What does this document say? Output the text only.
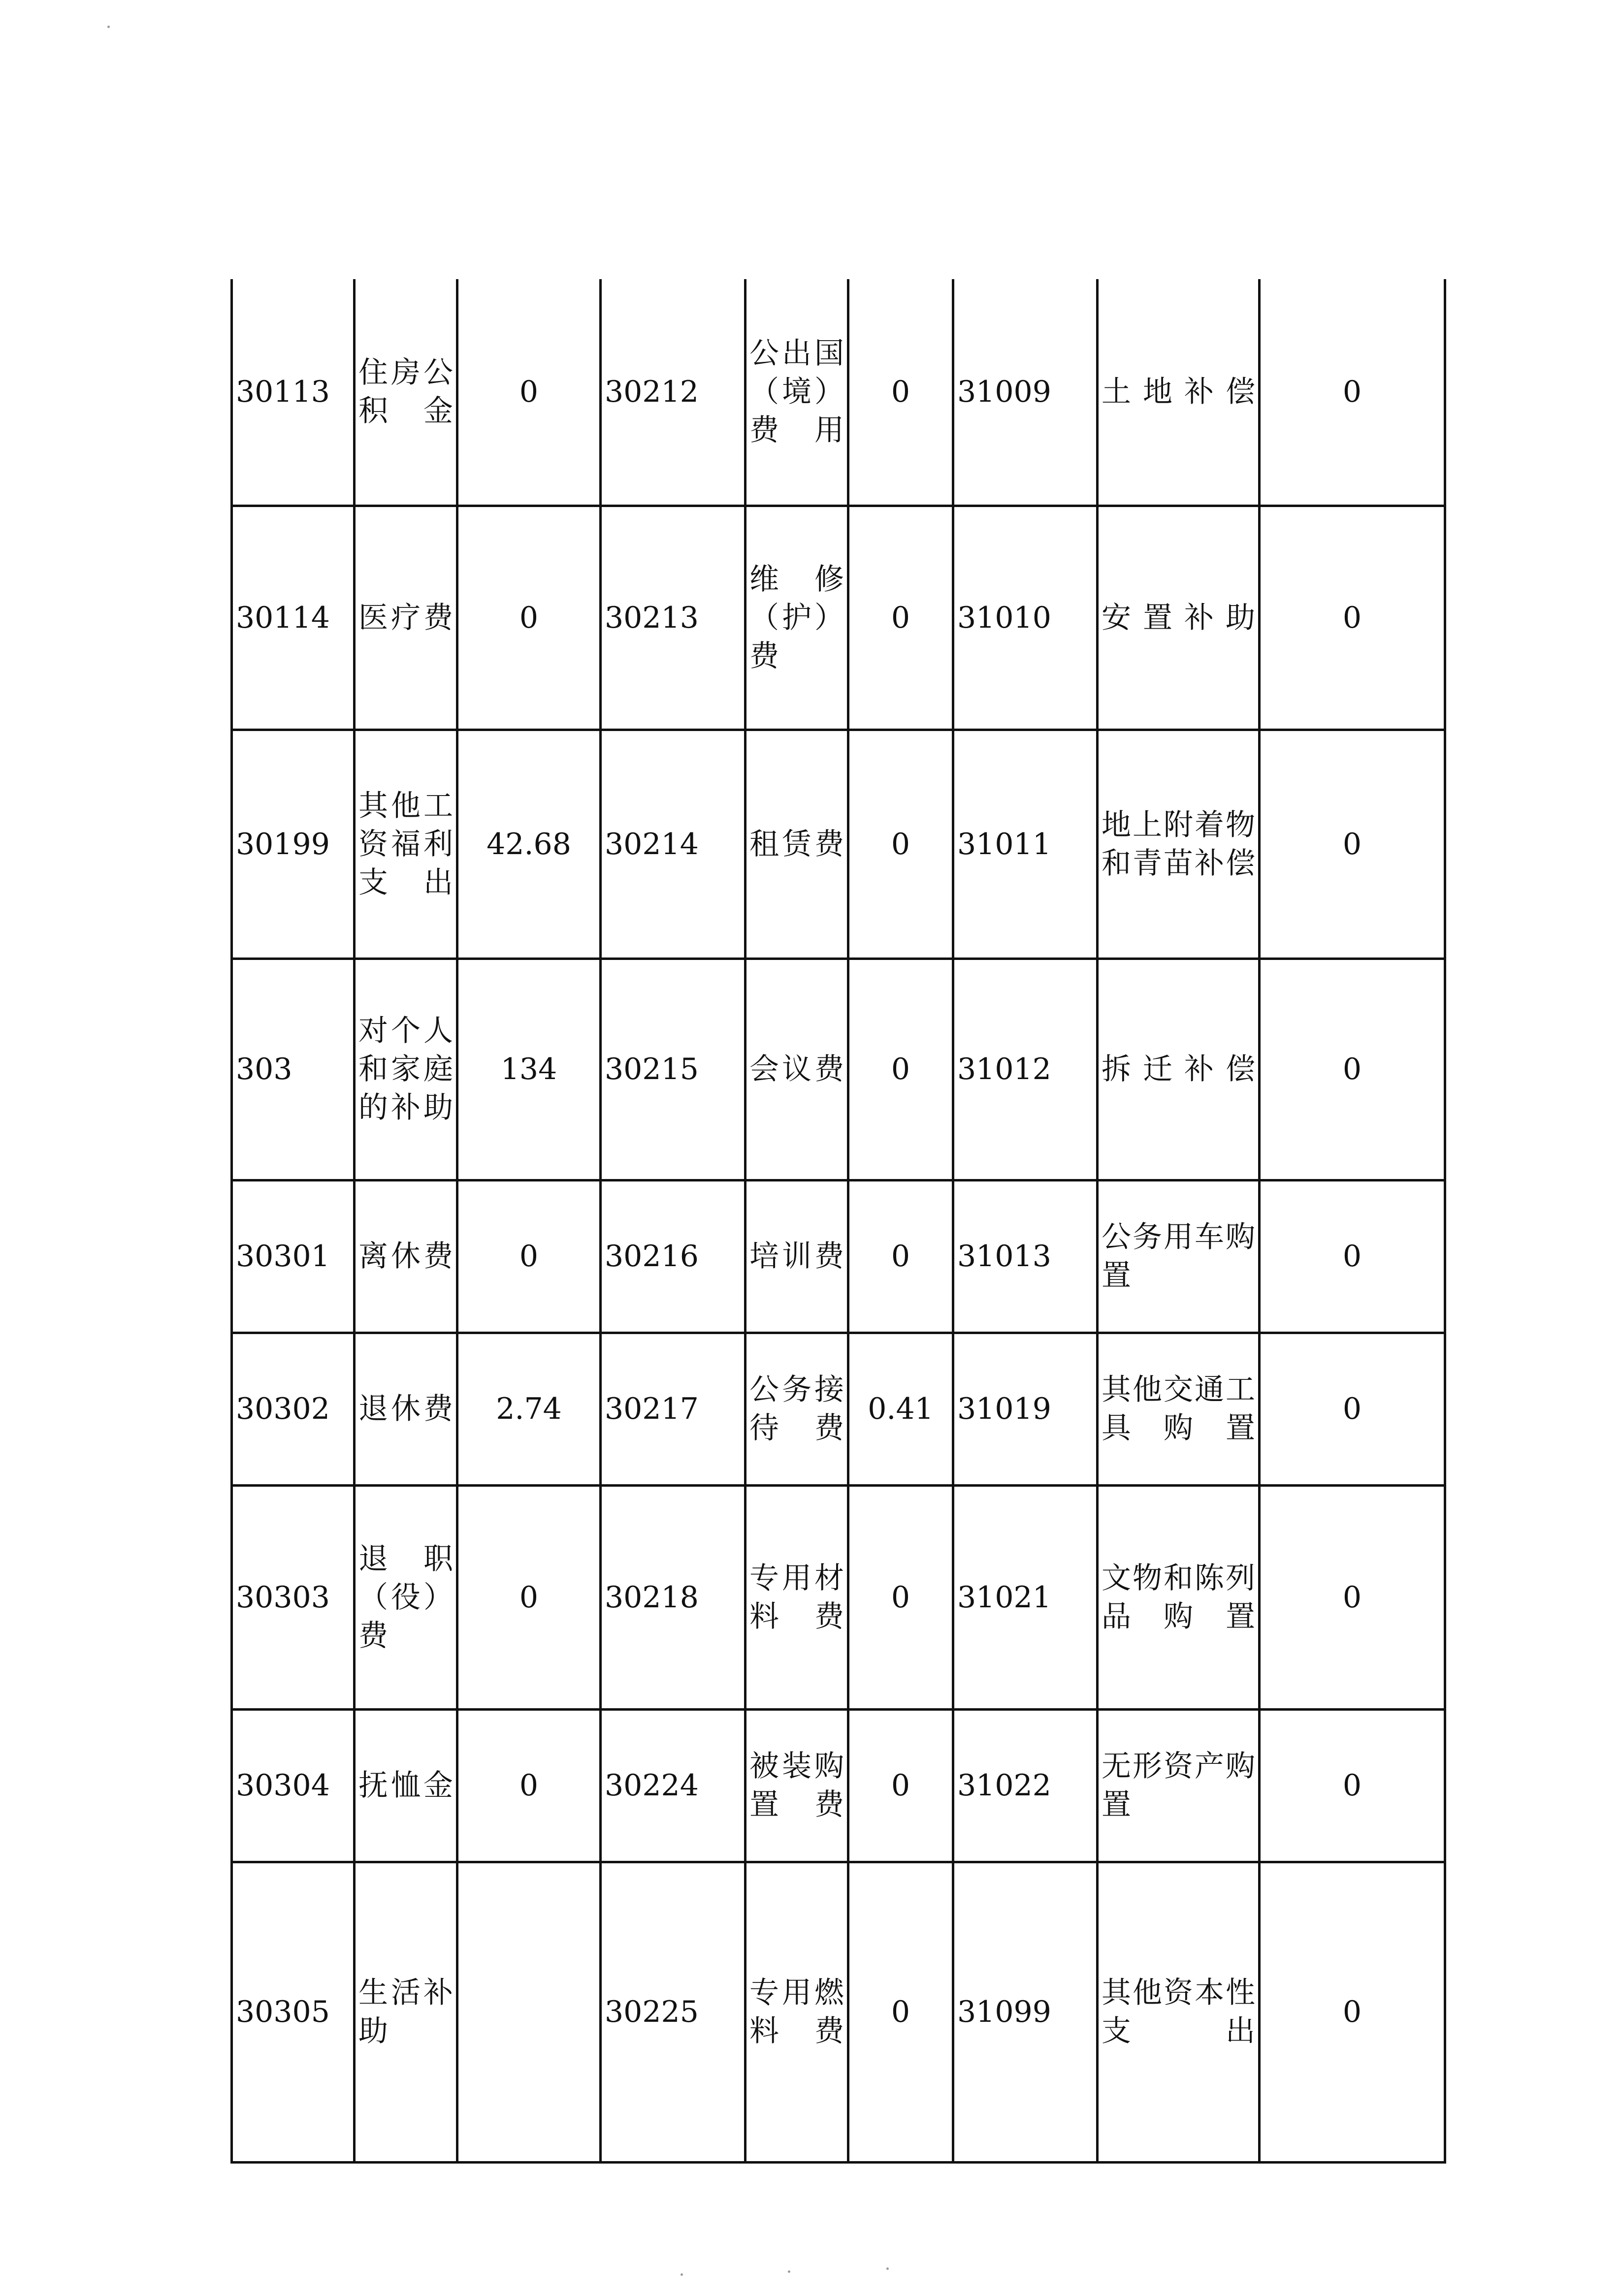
30113	住房公积金	0	30212	公出国（境）费用	0	31009	土地补偿	0
30114	医疗费	0	30213	维修（护）费	0	31010	安置补助	0
30199	其他工资福利支出	42.68	30214	租赁费	0	31011	地上附着物和青苗补偿	0
303	对个人和家庭的补助	134	30215	会议费	0	31012	拆迁补偿	0
30301	离休费	0	30216	培训费	0	31013	公务用车购置	0
30302	退休费	2.74	30217	公务接待费	0.41	31019	其他交通工具购置	0
30303	退职（役）费	0	30218	专用材料费	0	31021	文物和陈列品购置	0
30304	抚恤金	0	30224	被装购置费	0	31022	无形资产购置	0
30305	生活补助		30225	专用燃料费	0	31099	其他资本性支出	0
